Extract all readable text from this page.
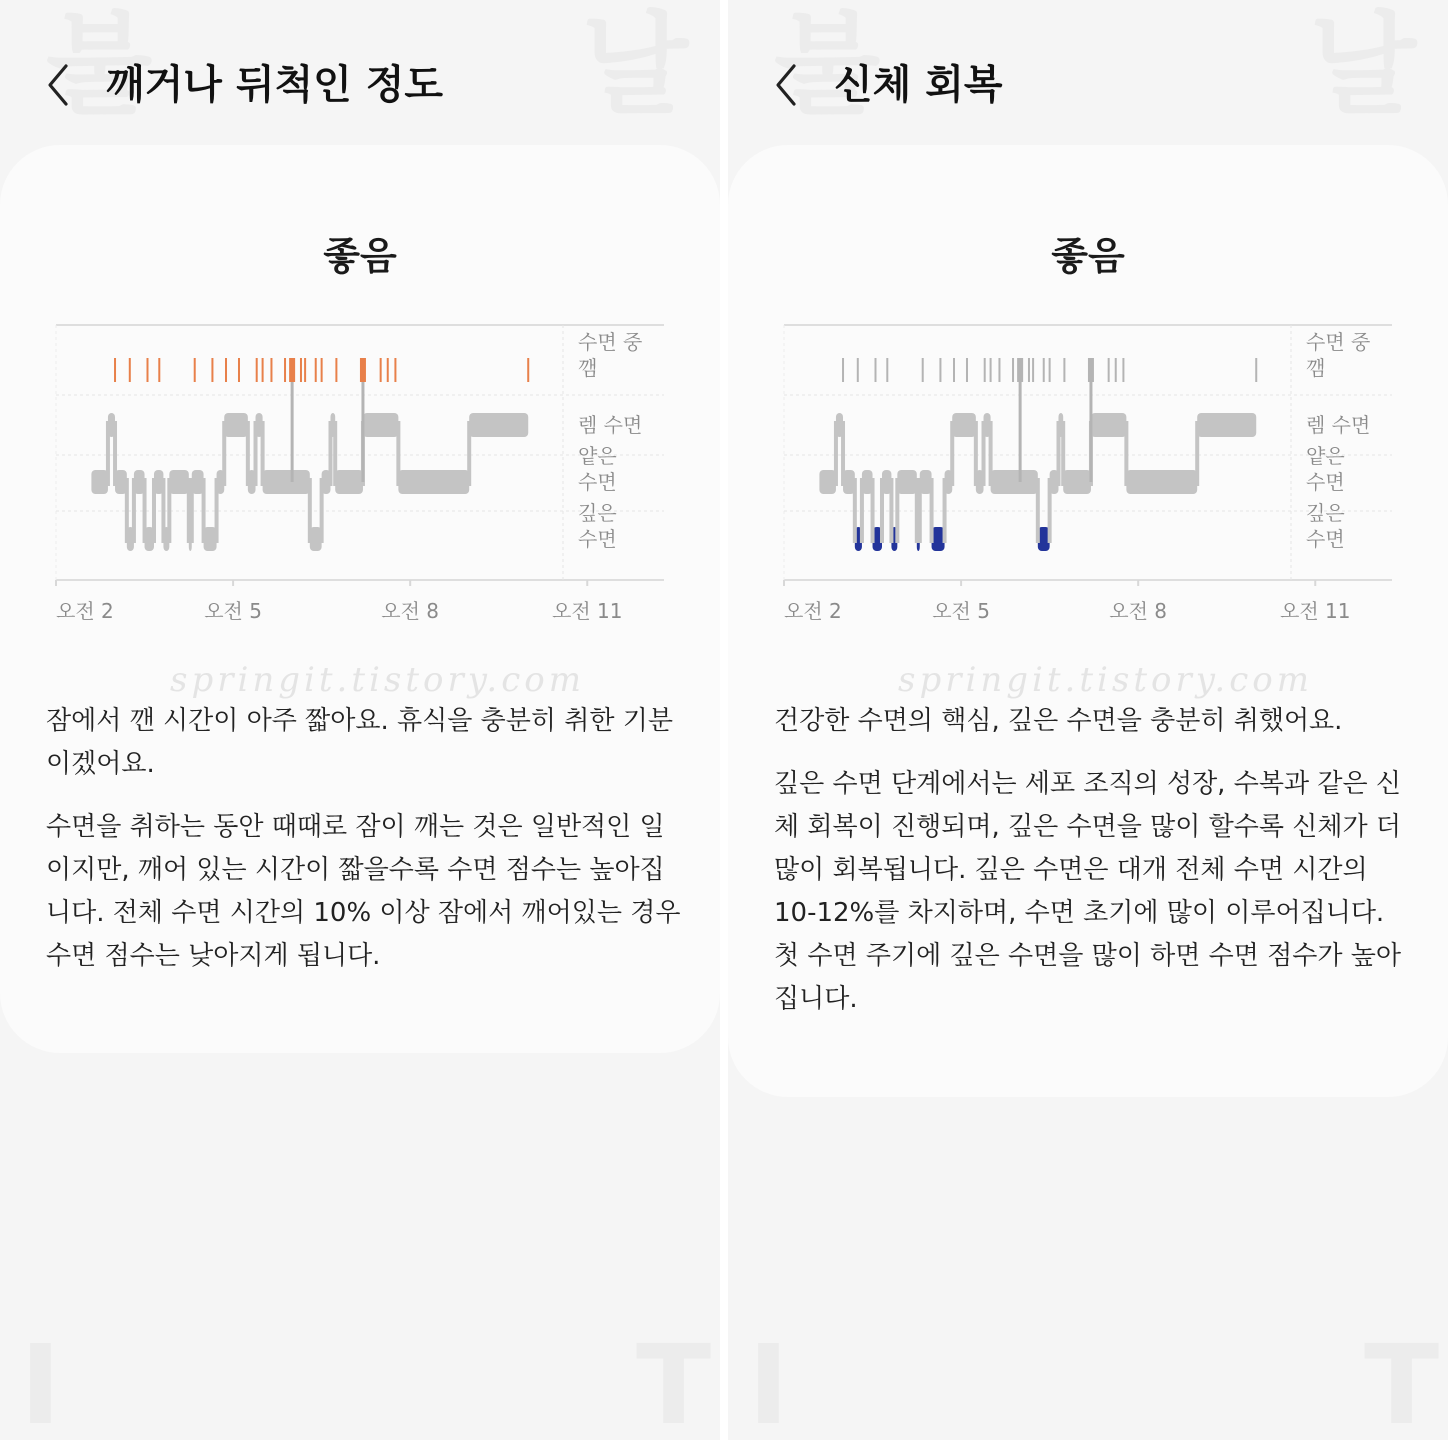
불	날
I	T
깨거나 뒤척인 정도
좋음
수면 중 깸
렘 수면
얕은 수면
깊은 수면
오전 2	오전 5	오전 8	오전 11
springit.tistory.com

잠에서 깬 시간이 아주 짧아요. 휴식을 충분히 취한 기분이겠어요.

수면을 취하는 동안 때때로 잠이 깨는 것은 일반적인 일이지만, 깨어 있는 시간이 짧을수록 수면 점수는 높아집니다. 전체 수면 시간의 10% 이상 잠에서 깨어있는 경우 수면 점수는 낮아지게 됩니다.

불	날
I	T
신체 회복
좋음
수면 중 깸
렘 수면
얕은 수면
깊은 수면
오전 2	오전 5	오전 8	오전 11
springit.tistory.com

건강한 수면의 핵심, 깊은 수면을 충분히 취했어요.

깊은 수면 단계에서는 세포 조직의 성장, 수복과 같은 신체 회복이 진행되며, 깊은 수면을 많이 할수록 신체가 더 많이 회복됩니다. 깊은 수면은 대개 전체 수면 시간의 10-12%를 차지하며, 수면 초기에 많이 이루어집니다. 첫 수면 주기에 깊은 수면을 많이 하면 수면 점수가 높아집니다.
